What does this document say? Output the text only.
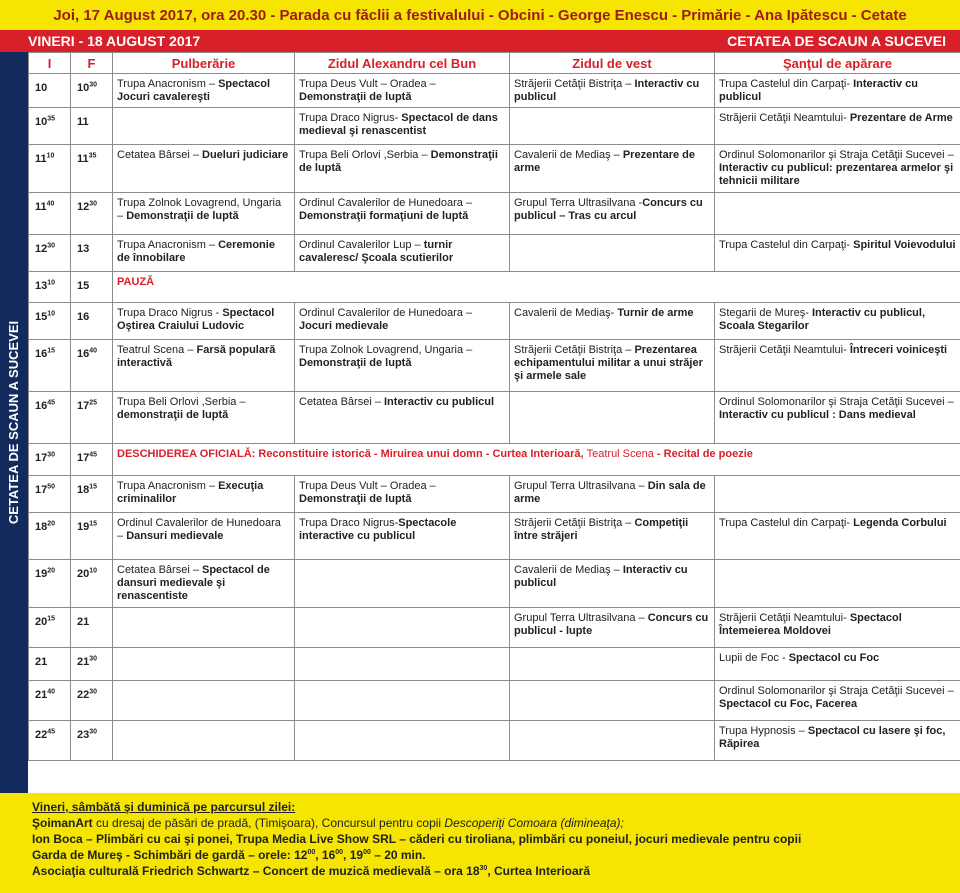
Joi, 17 August 2017, ora 20.30 - Parada cu făclii a festivalului - Obcini - George Enescu - Primărie - Ana Ipătescu - Cetate
VINERI - 18 AUGUST 2017	CETATEA DE SCAUN A SUCEVEI
CETATEA DE SCAUN A SUCEVEI
I	F	Pulberărie	Zidul Alexandru cel Bun	Zidul de vest	Şanţul de apărare
10	$10^{30}$	Trupa Anacronism – Spectacol Jocuri cavalereşti	Trupa Deus Vult – Oradea – Demonstraţii de luptă	Străjerii Cetăţii Bistriţa – Interactiv cu publicul	Trupa Castelul din Carpaţi- Interactiv cu publicul
$10^{35}$	11		Trupa Draco Nigrus- Spectacol de dans medieval şi renascentist		Străjerii Cetăţii Neamtului- Prezentare de Arme
$11^{10}$	$11^{35}$	Cetatea Bârsei – Dueluri judiciare	Trupa Beli Orlovi ,Serbia – Demonstraţii de luptă	Cavalerii de Mediaş – Prezentare de arme	Ordinul Solomonarilor şi Straja Cetăţii Sucevei – Interactiv cu publicul: prezentarea armelor şi tehnicii militare
$11^{40}$	$12^{30}$	Trupa Zolnok Lovagrend, Ungaria – Demonstraţii de luptă	Ordinul Cavalerilor de Hunedoara – Demonstraţii formaţiuni de luptă	Grupul Terra Ultrasilvana -Concurs cu publicul – Tras cu arcul	
$12^{30}$	13	Trupa Anacronism – Ceremonie de înnobilare	Ordinul Cavalerilor Lup – turnir cavaleresc/ Şcoala scutierilor		Trupa Castelul din Carpaţi- Spiritul Voievodului
$13^{10}$	15	PAUZĂ			
$15^{10}$	16	Trupa Draco Nigrus - Spectacol Oştirea Craiului Ludovic	Ordinul Cavalerilor de Hunedoara – Jocuri medievale	Cavalerii de Mediaş- Turnir de arme	Stegarii de Mureş- Interactiv cu publicul, Scoala Stegarilor
$16^{15}$	$16^{40}$	Teatrul Scena – Farsă populară interactivă	Trupa Zolnok Lovagrend, Ungaria – Demonstraţii de luptă	Străjerii Cetăţii Bistriţa – Prezentarea echipamentului militar a unui străjer şi armele sale	Străjerii Cetăţii Neamtului- Întreceri voiniceşti
$16^{45}$	$17^{25}$	Trupa Beli Orlovi ,Serbia – demonstraţii de luptă	Cetatea Bârsei – Interactiv cu publicul		Ordinul Solomonarilor şi Straja Cetăţii Sucevei – Interactiv cu publicul : Dans medieval
$17^{30}$	$17^{45}$	DESCHIDEREA OFICIALĂ: Reconstituire istorică - Miruirea unui domn - Curtea Interioară, Teatrul Scena - Recital de poezie			
$17^{50}$	$18^{15}$	Trupa Anacronism – Execuţia criminalilor	Trupa Deus Vult – Oradea – Demonstraţii de luptă	Grupul Terra Ultrasilvana – Din sala de arme	
$18^{20}$	$19^{15}$	Ordinul Cavalerilor de Hunedoara – Dansuri medievale	Trupa Draco Nigrus-Spectacole interactive cu publicul	Străjerii Cetăţii Bistriţa – Competiţii între străjeri	Trupa Castelul din Carpaţi- Legenda Corbului
$19^{20}$	$20^{10}$	Cetatea Bârsei – Spectacol de dansuri medievale şi renascentiste		Cavalerii de Mediaş – Interactiv cu publicul	
$20^{15}$	21			Grupul Terra Ultrasilvana – Concurs cu publicul - lupte	Străjerii Cetăţii Neamtului- Spectacol Întemeierea Moldovei
21	$21^{30}$				Lupii de Foc - Spectacol cu Foc
$21^{40}$	$22^{30}$				Ordinul Solomonarilor şi Straja Cetăţii Sucevei –Spectacol cu Foc, Facerea
$22^{45}$	$23^{30}$				Trupa Hypnosis – Spectacol cu lasere şi foc, Răpirea
Vineri, sâmbătă şi duminică pe parcursul zilei:
ŞoimanArt cu dresaj de păsări de pradă, (Timişoara), Concursul pentru copii Descoperiţi Comoara (dimineaţa);
Ion Boca – Plimbări cu cai şi ponei, Trupa Media Live Show SRL – căderi cu tiroliana, plimbări cu poneiul, jocuri medievale pentru copii
Garda de Mureş - Schimbări de gardă – orele: $12^{00}$, $16^{00}$, $19^{00} - 20$ min.
Asociaţia culturală Friedrich Schwartz – Concert de muzică medievală – ora $18^{30}$, Curtea Interioară
